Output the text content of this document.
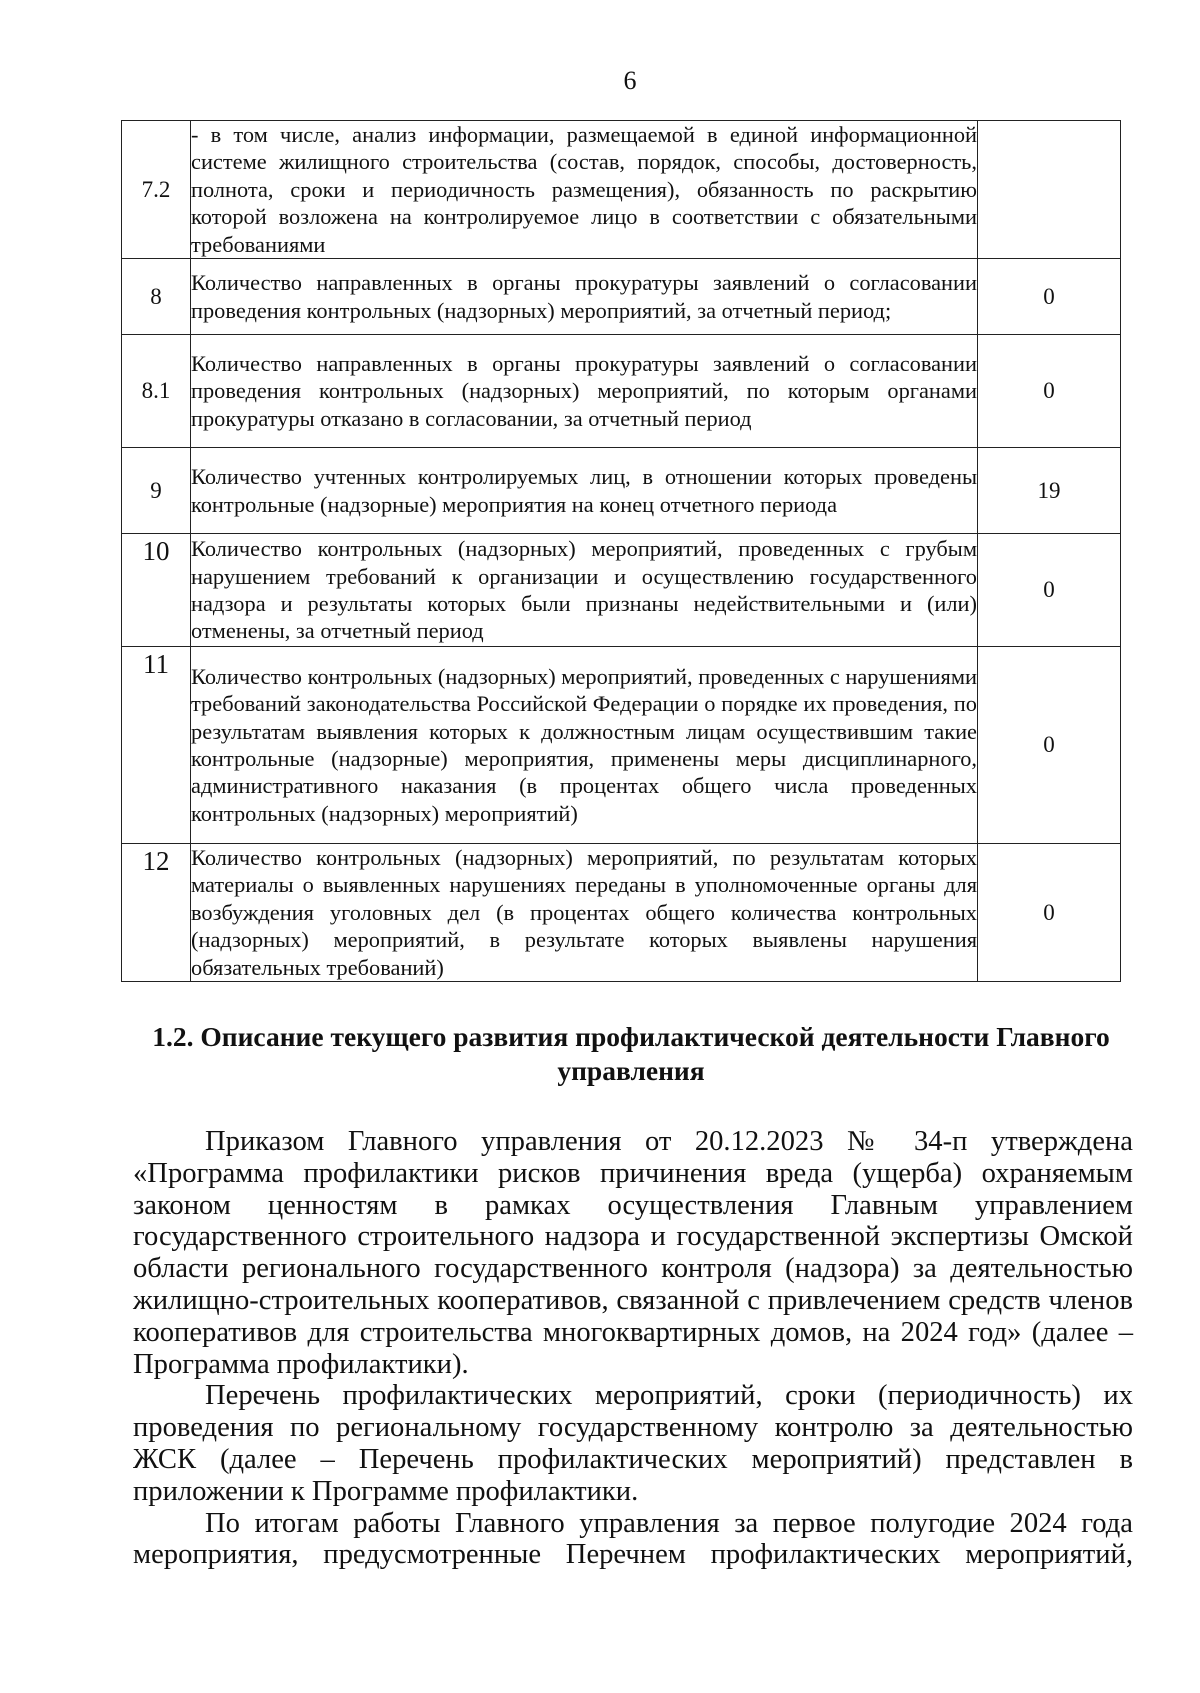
6
7.2	- в том числе, анализ информации, размещаемой в единой информационной системе жилищного строительства (состав, порядок, способы, достоверность, полнота, сроки и периодичность размещения), обязанность по раскрытию которой возложена на контролируемое лицо в соответствии с обязательными требованиями	
8	Количество направленных в органы прокуратуры заявлений о согласовании проведения контрольных (надзорных) мероприятий, за отчетный период;	0
8.1	Количество направленных в органы прокуратуры заявлений о согласовании проведения контрольных (надзорных) мероприятий, по которым органами прокуратуры отказано в согласовании, за отчетный период	0
9	Количество учтенных контролируемых лиц, в отношении которых проведены контрольные (надзорные) мероприятия на конец отчетного периода	19
10	Количество контрольных (надзорных) мероприятий, проведенных с грубым нарушением требований к организации и осуществлению государственного надзора и результаты которых были признаны недействительными и (или) отменены, за отчетный период	0
11	Количество контрольных (надзорных) мероприятий, проведенных с нарушениями требований законодательства Российской Федерации о порядке их проведения, по результатам выявления которых к должностным лицам осуществившим такие контрольные (надзорные) мероприятия, применены меры дисциплинарного, административного наказания (в процентах общего числа проведенных контрольных (надзорных) мероприятий)	0
12	Количество контрольных (надзорных) мероприятий, по результатам которых материалы о выявленных нарушениях переданы в уполномоченные органы для возбуждения уголовных дел (в процентах общего количества контрольных (надзорных) мероприятий, в результате которых выявлены нарушения обязательных требований)	0
1.2. Описание текущего развития профилактической деятельности Главного управления

Приказом Главного управления от 20.12.2023 № 34-п утверждена «Программа профилактики рисков причинения вреда (ущерба) охраняемым законом ценностям в рамках осуществления Главным управлением государственного строительного надзора и государственной экспертизы Омской области регионального государственного контроля (надзора) за деятельностью жилищно-строительных кооперативов, связанной с привлечением средств членов кооперативов для строительства многоквартирных домов, на 2024 год» (далее – Программа профилактики).

Перечень профилактических мероприятий, сроки (периодичность) их проведения по региональному государственному контролю за деятельностью ЖСК (далее – Перечень профилактических мероприятий) представлен в приложении к Программе профилактики.

По итогам работы Главного управления за первое полугодие 2024 года мероприятия, предусмотренные Перечнем профилактических мероприятий,
